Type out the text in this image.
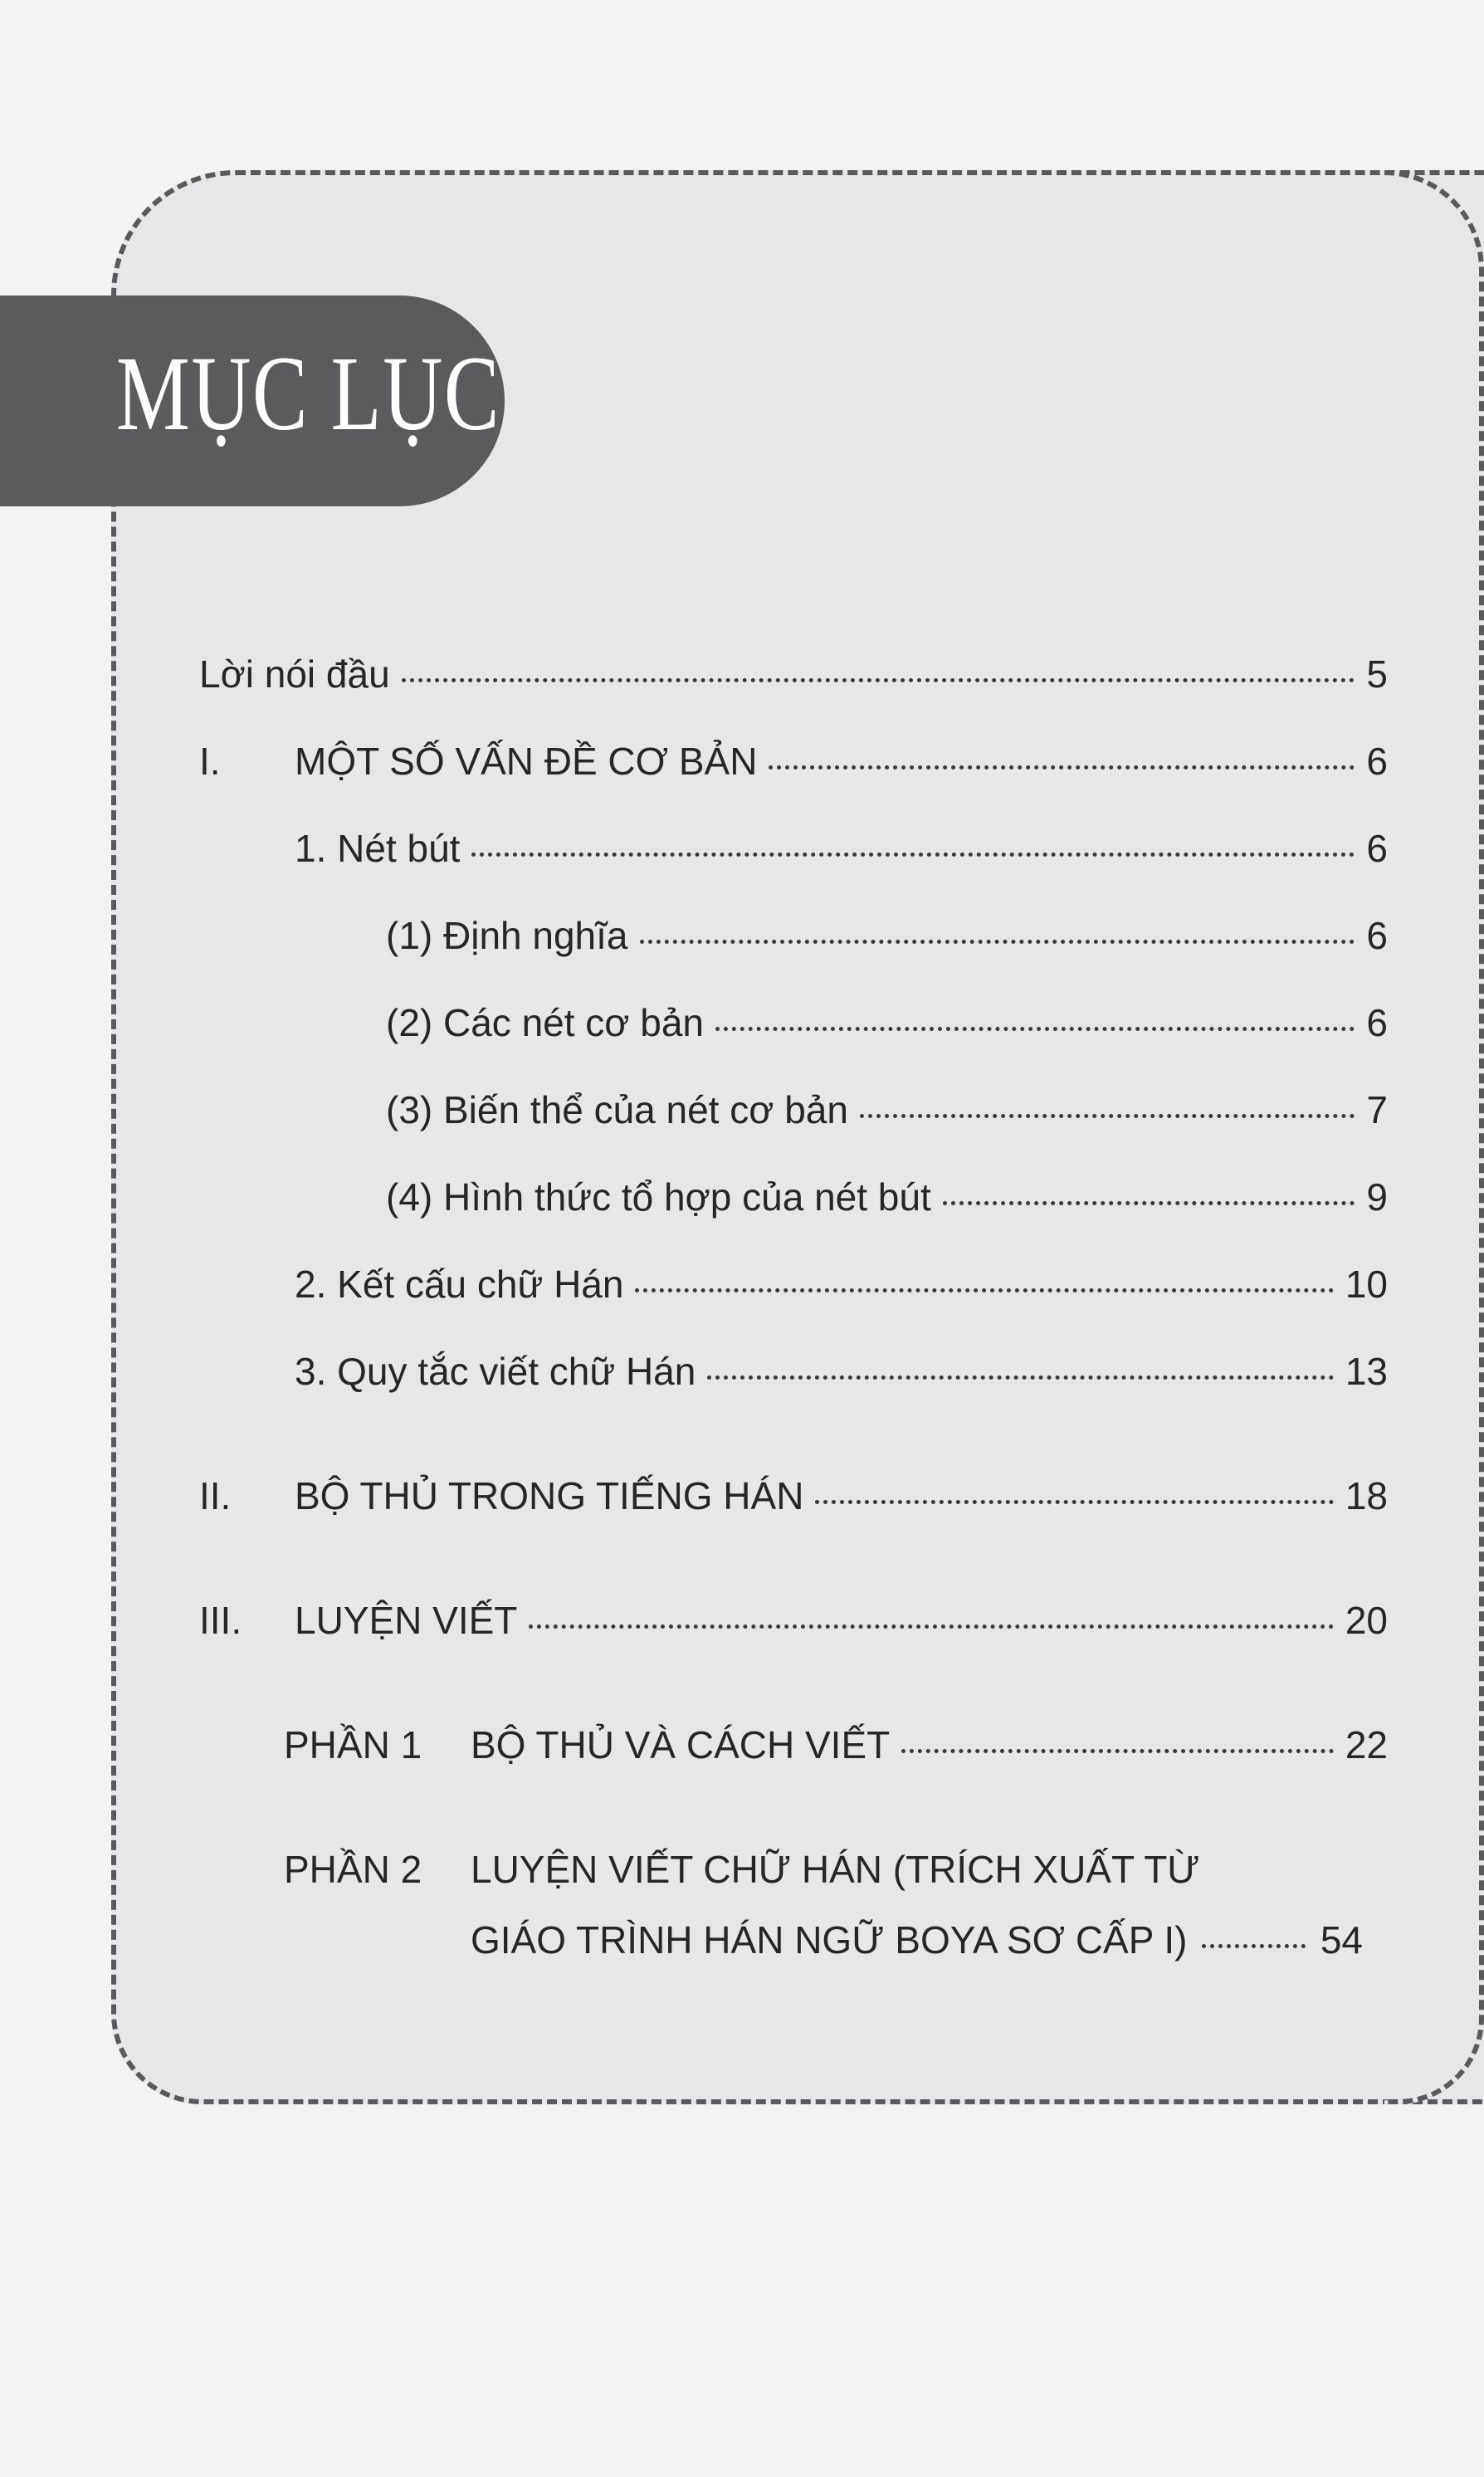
MỤC LỤC
Lời nói đầu	5
I.	MỘT SỐ VẤN ĐỀ CƠ BẢN	6
1. Nét bút	6
(1) Định nghĩa	6
(2) Các nét cơ bản	6
(3) Biến thể của nét cơ bản	7
(4) Hình thức tổ hợp của nét bút	9
2. Kết cấu chữ Hán	10
3. Quy tắc viết chữ Hán	13
II.	BỘ THỦ TRONG TIẾNG HÁN	18
III.	LUYỆN VIẾT	20
PHẦN 1	BỘ THỦ VÀ CÁCH VIẾT	22
PHẦN 2	LUYỆN VIẾT CHỮ HÁN (TRÍCH XUẤT TỪ
GIÁO TRÌNH HÁN NGỮ BOYA SƠ CẤP I)	54
